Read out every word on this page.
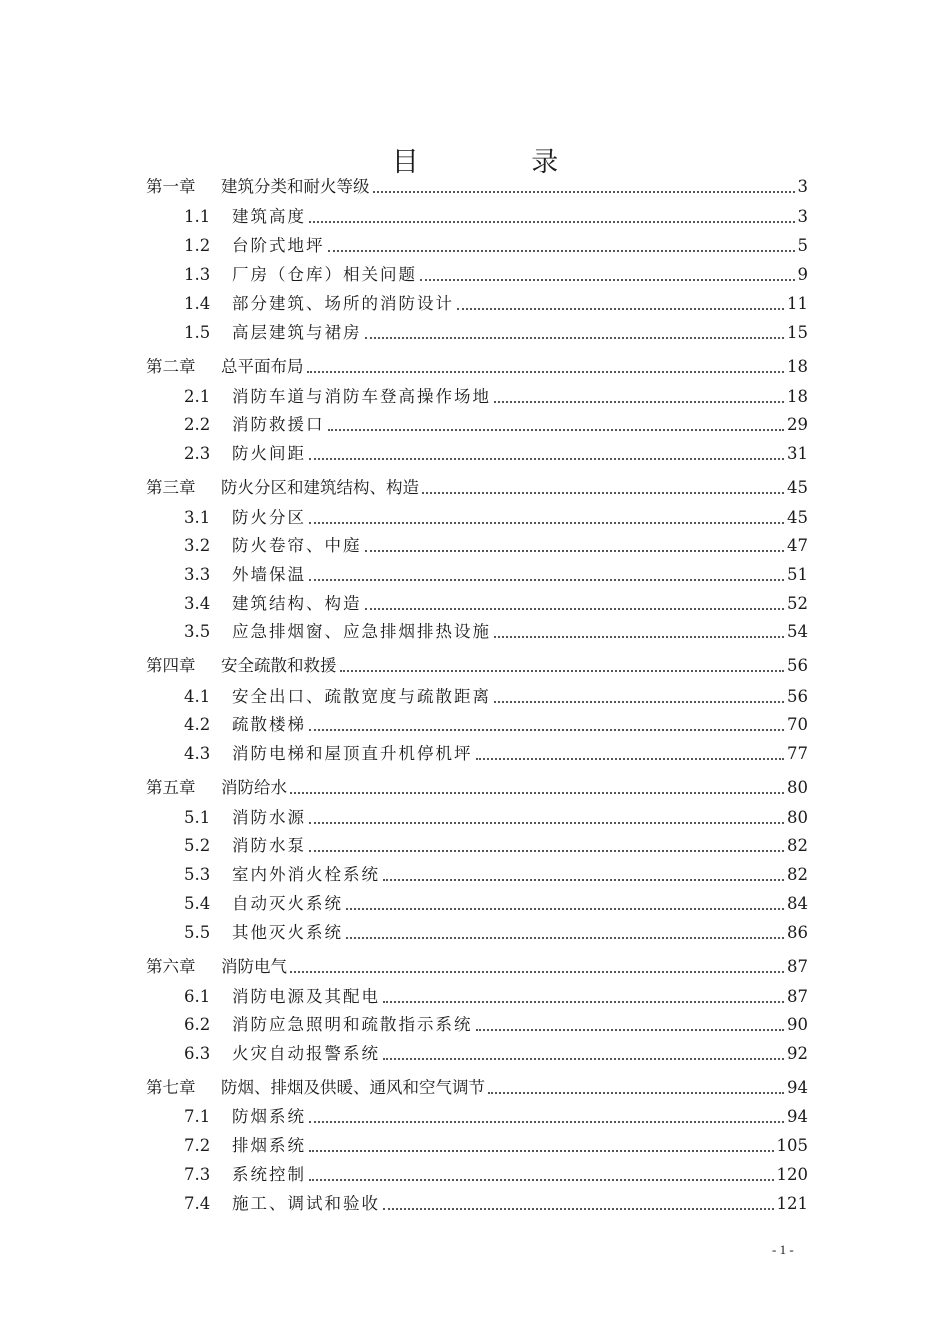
目 录
第一章	建筑分类和耐火等级	3
1.1	建筑高度	3
1.2	台阶式地坪	5
1.3	厂房（仓库）相关问题	9
1.4	部分建筑、场所的消防设计	11
1.5	高层建筑与裙房	15
第二章	总平面布局	18
2.1	消防车道与消防车登高操作场地	18
2.2	消防救援口	29
2.3	防火间距	31
第三章	防火分区和建筑结构、构造	45
3.1	防火分区	45
3.2	防火卷帘、中庭	47
3.3	外墙保温	51
3.4	建筑结构、构造	52
3.5	应急排烟窗、应急排烟排热设施	54
第四章	安全疏散和救援	56
4.1	安全出口、疏散宽度与疏散距离	56
4.2	疏散楼梯	70
4.3	消防电梯和屋顶直升机停机坪	77
第五章	消防给水	80
5.1	消防水源	80
5.2	消防水泵	82
5.3	室内外消火栓系统	82
5.4	自动灭火系统	84
5.5	其他灭火系统	86
第六章	消防电气	87
6.1	消防电源及其配电	87
6.2	消防应急照明和疏散指示系统	90
6.3	火灾自动报警系统	92
第七章	防烟、排烟及供暖、通风和空气调节	94
7.1	防烟系统	94
7.2	排烟系统	105
7.3	系统控制	120
7.4	施工、调试和验收	121
- 1 -
